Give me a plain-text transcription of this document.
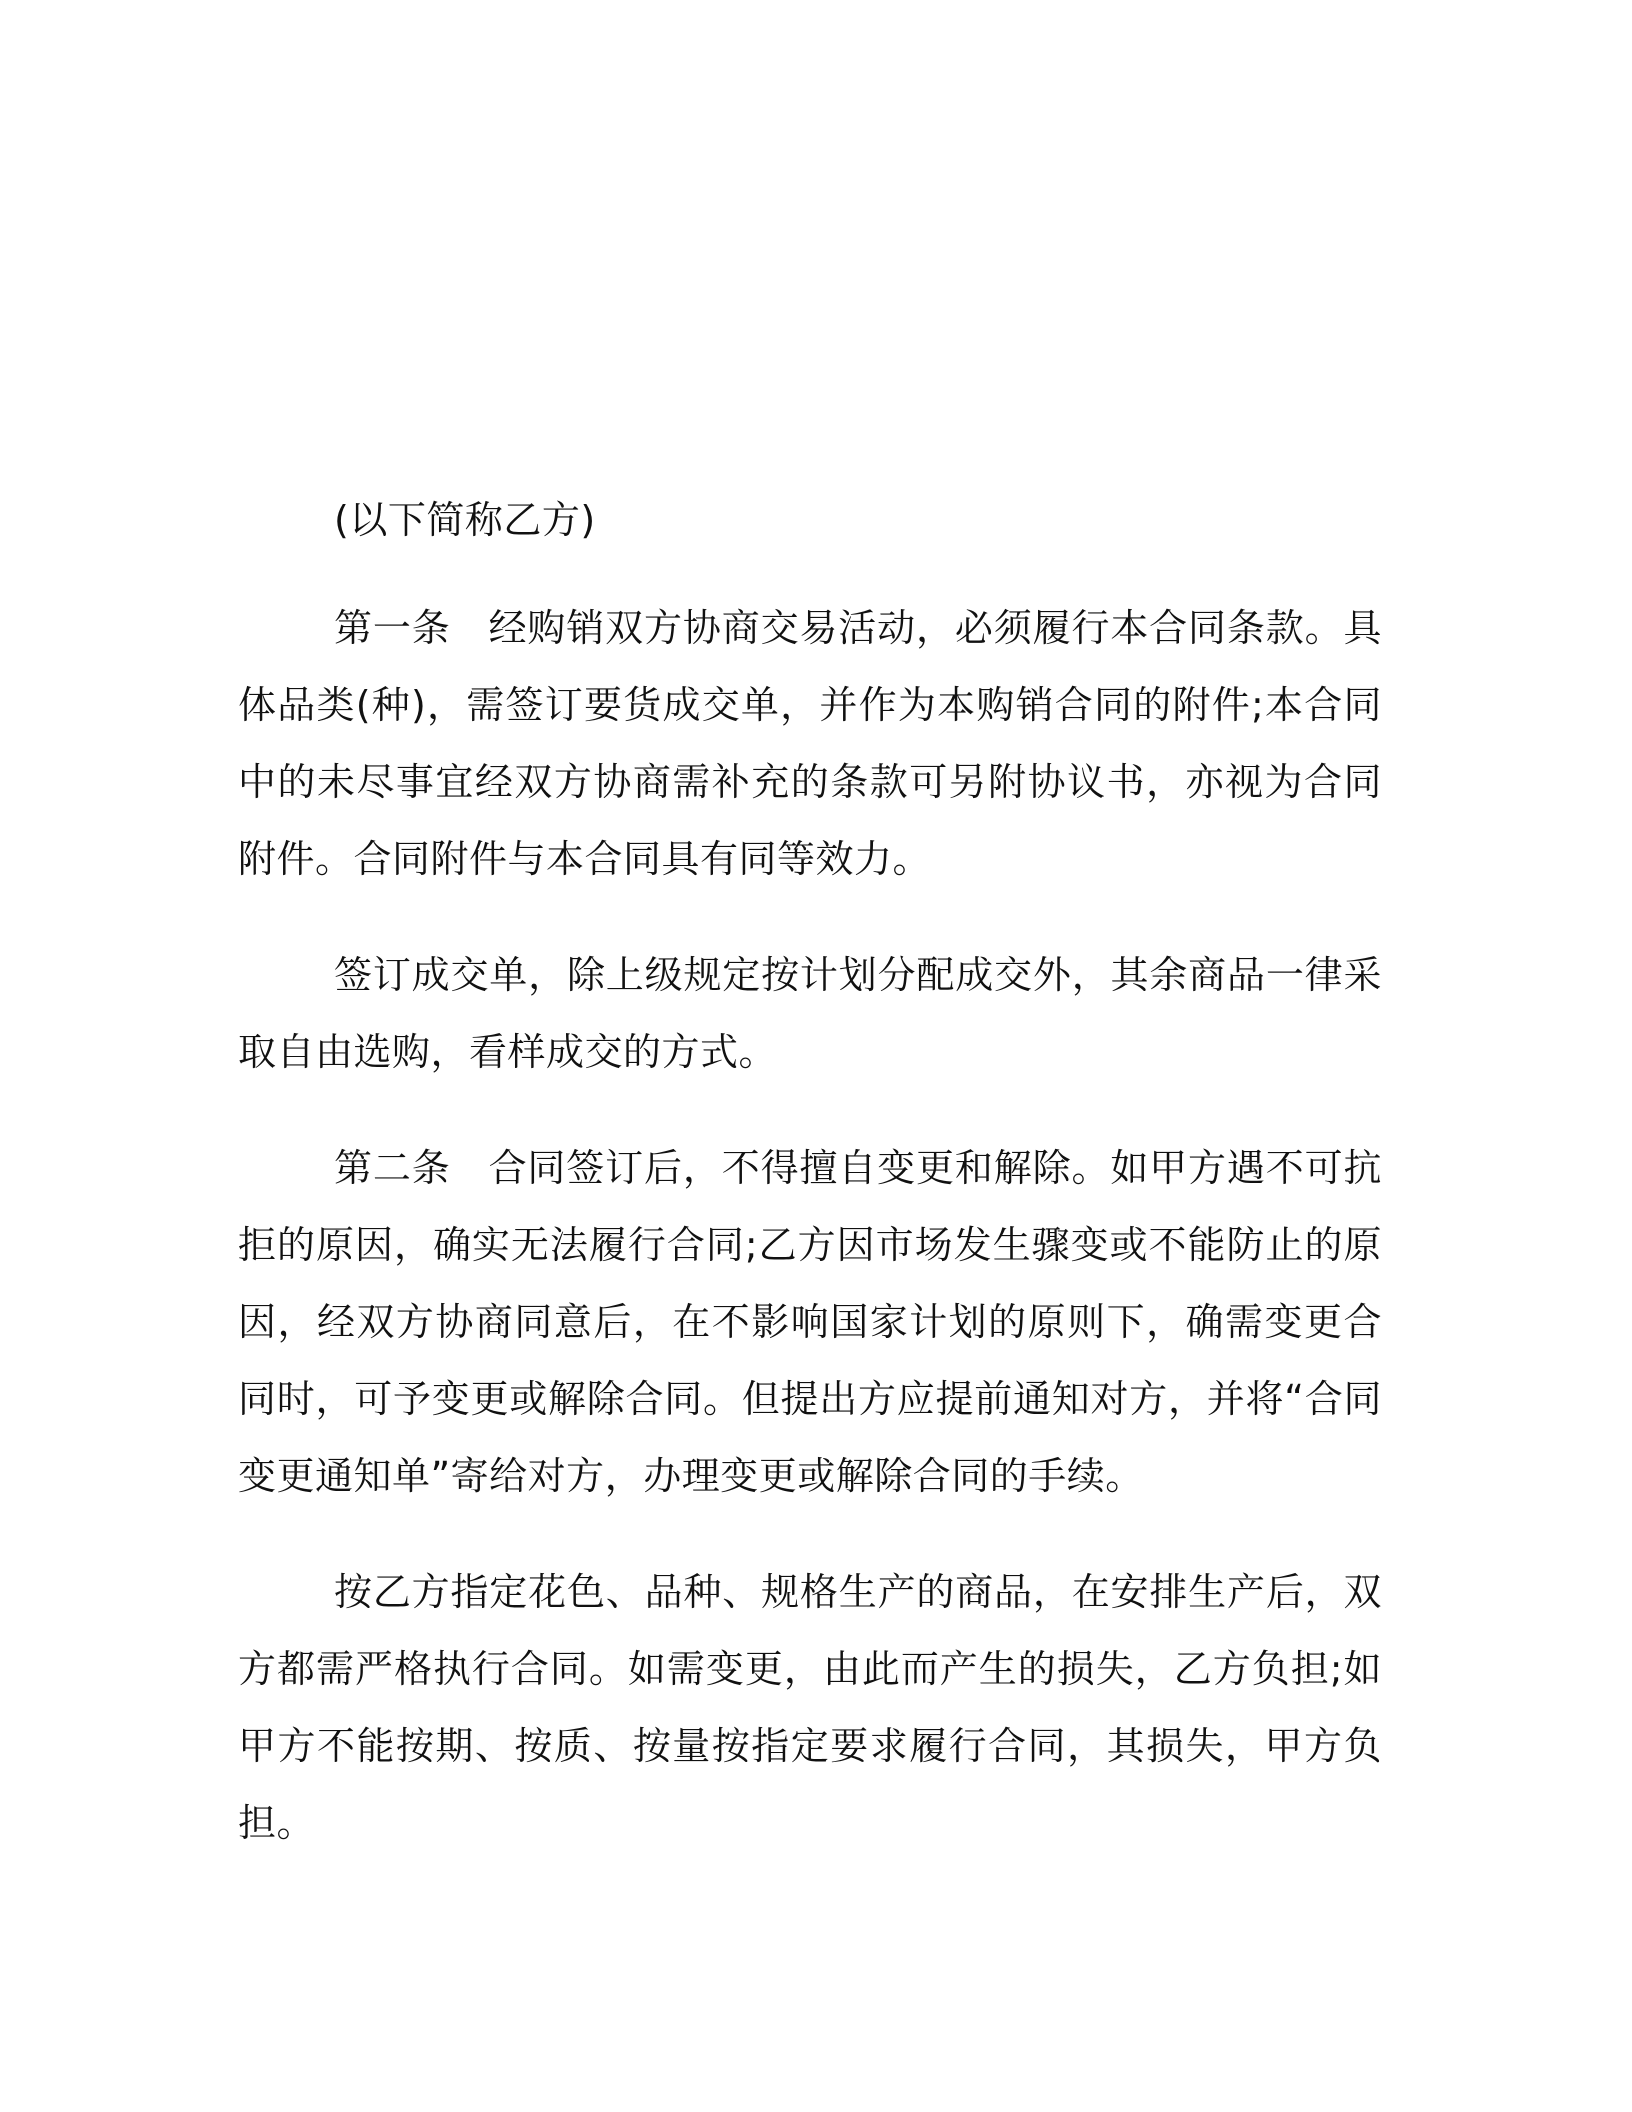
(以下简称乙方)

第一条 经购销双方协商交易活动，必须履行本合同条款。具体品类(种)，需签订要货成交单，并作为本购销合同的附件;本合同中的未尽事宜经双方协商需补充的条款可另附协议书，亦视为合同附件。合同附件与本合同具有同等效力。

签订成交单，除上级规定按计划分配成交外，其余商品一律采取自由选购，看样成交的方式。

第二条 合同签订后，不得擅自变更和解除。如甲方遇不可抗拒的原因，确实无法履行合同;乙方因市场发生骤变或不能防止的原因，经双方协商同意后，在不影响国家计划的原则下，确需变更合同时，可予变更或解除合同。但提出方应提前通知对方，并将“合同变更通知单”寄给对方，办理变更或解除合同的手续。

按乙方指定花色、品种、规格生产的商品，在安排生产后，双方都需严格执行合同。如需变更，由此而产生的损失，乙方负担;如甲方不能按期、按质、按量按指定要求履行合同，其损失，甲方负担。
